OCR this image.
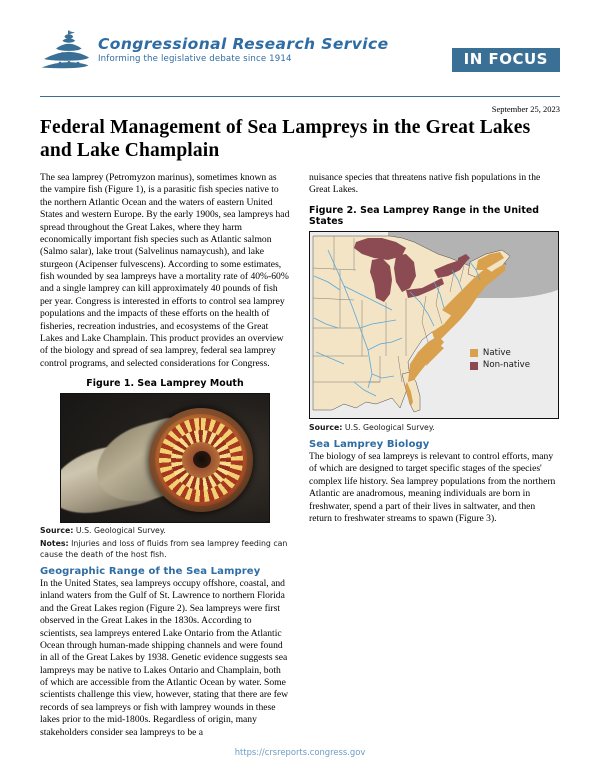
Congressional Research Service
Informing the legislative debate since 1914	IN FOCUS
September 25, 2023
Federal Management of Sea Lampreys in the Great Lakes and Lake Champlain

The sea lamprey (Petromyzon marinus), sometimes known as the vampire fish (Figure 1), is a parasitic fish species native to the northern Atlantic Ocean and the waters of eastern United States and western Europe. By the early 1900s, sea lampreys had spread throughout the Great Lakes, where they harm economically important fish species such as Atlantic salmon (Salmo salar), lake trout (Salvelinus namaycush), and lake sturgeon (Acipenser fulvescens). According to some estimates, fish wounded by sea lampreys have a mortality rate of 40%-60% and a single lamprey can kill approximately 40 pounds of fish per year. Congress is interested in efforts to control sea lamprey populations and the impacts of these efforts on the health of fisheries, recreation industries, and ecosystems of the Great Lakes and Lake Champlain. This product provides an overview of the biology and spread of sea lamprey, federal sea lamprey control programs, and selected considerations for Congress.

Figure 1. Sea Lamprey Mouth

Source: U.S. Geological Survey.

Notes: Injuries and loss of fluids from sea lamprey feeding can cause the death of the host fish.

Geographic Range of the Sea Lamprey

In the United States, sea lampreys occupy offshore, coastal, and inland waters from the Gulf of St. Lawrence to northern Florida and the Great Lakes region (Figure 2). Sea lampreys were first observed in the Great Lakes in the 1830s. According to scientists, sea lampreys entered Lake Ontario from the Atlantic Ocean through human-made shipping channels and were found in all of the Great Lakes by 1938. Genetic evidence suggests sea lampreys may be native to Lakes Ontario and Champlain, both of which are accessible from the Atlantic Ocean by water. Some scientists challenge this view, however, stating that there are few records of sea lampreys or fish with lamprey wounds in these lakes prior to the mid-1800s. Regardless of origin, many stakeholders consider sea lampreys to be a

nuisance species that threatens native fish populations in the Great Lakes.

Figure 2. Sea Lamprey Range in the United States
Native
Non-native

Source: U.S. Geological Survey.

Sea Lamprey Biology

The biology of sea lampreys is relevant to control efforts, many of which are designed to target specific stages of the species' complex life history. Sea lamprey populations from the northern Atlantic are anadromous, meaning individuals are born in freshwater, spend a part of their lives in saltwater, and then return to freshwater streams to spawn (Figure 3).

https://crsreports.congress.gov
